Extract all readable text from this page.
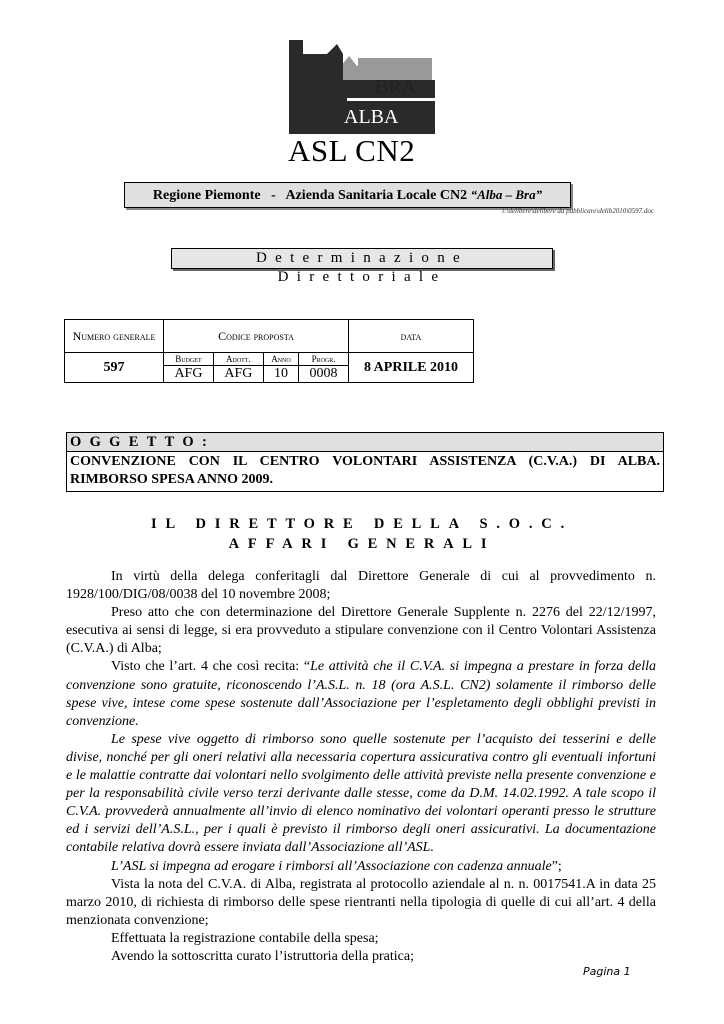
BRA
ALBA
ASL CN2
Regione Piemonte   -   Azienda Sanitaria Locale CN2 “Alba – Bra”
i:\delibere\delibere da pubblicare\delib2010\0597.doc
Determinazione Direttoriale
Numero generale	Codice proposta				data
597	Budget	Adott.	Anno	Progr.	8 APRILE 2010
	AFG	AFG	10	0008	
OGGETTO:
CONVENZIONE CON IL CENTRO VOLONTARI ASSISTENZA (C.V.A.) DI ALBA. RIMBORSO SPESA ANNO 2009.
IL DIRETTORE DELLA S.O.C.
AFFARI GENERALI

In virtù della delega conferitagli dal Direttore Generale di cui al provvedimento n. 1928/100/DIG/08/0038 del 10 novembre 2008;

Preso atto che con determinazione del Direttore Generale Supplente n. 2276 del 22/12/1997, esecutiva ai sensi di legge, si era provveduto a stipulare convenzione con il Centro Volontari Assistenza (C.V.A.) di Alba;

Visto che l’art. 4 che così recita: “Le attività che il C.V.A. si impegna a prestare in forza della convenzione sono gratuite, riconoscendo l’A.S.L. n. 18 (ora A.S.L. CN2) solamente il rimborso delle spese vive, intese come spese sostenute dall’Associazione per l’espletamento degli obblighi previsti in convenzione.

Le spese vive oggetto di rimborso sono quelle sostenute per l’acquisto dei tesserini e delle divise, nonché per gli oneri relativi alla necessaria copertura assicurativa contro gli eventuali infortuni e le malattie contratte dai volontari nello svolgimento delle attività previste nella presente convenzione e per la responsabilità civile verso terzi derivante dalle stesse, come da D.M. 14.02.1992. A tale scopo il C.V.A. provvederà annualmente all’invio di elenco nominativo dei volontari operanti presso le strutture ed i servizi dell’A.S.L., per i quali è previsto il rimborso degli oneri assicurativi. La documentazione contabile relativa dovrà essere inviata dall’Associazione all’ASL.

L’ASL si impegna ad erogare i rimborsi all’Associazione con cadenza annuale”;

Vista la nota del C.V.A. di Alba, registrata al protocollo aziendale al n. n. 0017541.A in data 25 marzo 2010, di richiesta di rimborso delle spese rientranti nella tipologia di quelle di cui all’art. 4 della menzionata convenzione;

Effettuata la registrazione contabile della spesa;

Avendo la sottoscritta curato l’istruttoria della pratica;

Pagina 1
